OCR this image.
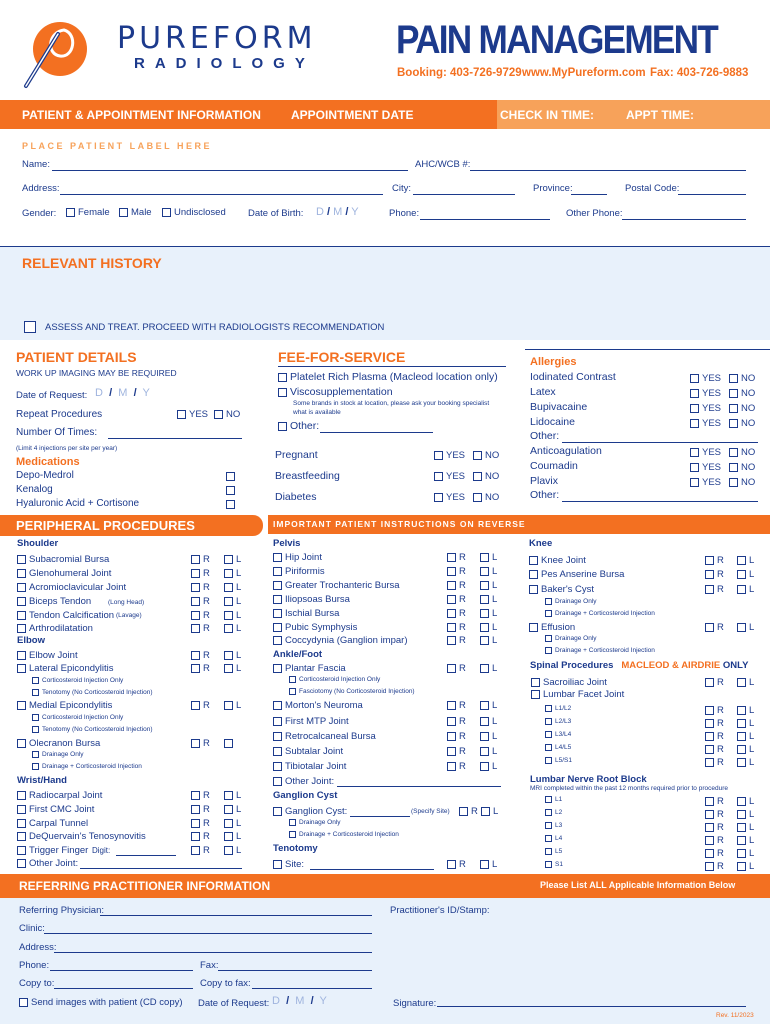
PUREFORM
RADIOLOGY
PAIN MANAGEMENT
Booking: 403-726-9729 www.MyPureform.com Fax: 403-726-9883
PATIENT & APPOINTMENT INFORMATION	APPOINTMENT DATE	CHECK IN TIME:	APPT TIME:
PLACE PATIENT LABEL HERE
Name:	AHC/WCB #:
Address:	City:	Province:	Postal Code:
Gender:	Female	Male	Undisclosed Date of Birth: D / M / Y	Phone:	Other Phone:
RELEVANT HISTORY
ASSESS AND TREAT. PROCEED WITH RADIOLOGISTS RECOMMENDATION
PATIENT DETAILS
WORK UP IMAGING MAY BE REQUIRED
Date of Request: D / M / Y
Repeat Procedures	YES	NO
Number Of Times:
(Limit 4 injections per site per year)
Medications
Depo-Medrol
Kenalog
Hyaluronic Acid + Cortisone
FEE-FOR-SERVICE
Platelet Rich Plasma (Macleod location only)
Viscosupplementation
Some brands in stock at location, please ask your booking specialist what is available
Other:
Pregnant	YES	NO
Breastfeeding	YES	NO
Diabetes	YES	NO
Allergies
Iodinated Contrast	YES	NO
Latex	YES	NO
Bupivacaine	YES	NO
Lidocaine	YES	NO
Other:
Anticoagulation	YES	NO
Coumadin	YES	NO
Plavix	YES	NO
Other:
IMPORTANT PATIENT INSTRUCTIONS ON REVERSE
PERIPHERAL PROCEDURES
Shoulder
Subacromial Bursa	R	L
Glenohumeral Joint	R	L
Acromioclavicular Joint	R	L
Biceps Tendon	R	L
Tendon Calcification	R	L
Arthrodilatation	R	L
(Long Head)
(Lavage)
Elbow
Elbow Joint	R	L
Lateral Epicondylitis	R	L
Corticosteroid Injection Only
Tenotomy (No Corticosteroid Injection)
Medial Epicondylitis	R	L
Corticosteroid Injection Only
Tenotomy (No Corticosteroid Injection)
Olecranon Bursa	R
Drainage Only
Drainage + Corticosteroid Injection
Wrist/Hand
Radiocarpal Joint	R	L
First CMC Joint	R	L
Carpal Tunnel	R	L
DeQuervain's Tenosynovitis	R	L
Trigger Finger	R	L
Other Joint:
Digit:
Pelvis
Hip Joint	R	L
Piriformis	R	L
Greater Trochanteric Bursa	R	L
Iliopsoas Bursa	R	L
Ischial Bursa	R	L
Pubic Symphysis	R	L
Coccydynia (Ganglion impar)	R	L
Ankle/Foot
Plantar Fascia	R	L
Corticosteroid Injection Only
Fasciotomy (No Corticosteroid Injection)
Morton's Neuroma	R	L
First MTP Joint	R	L
Retrocalcaneal Bursa	R	L
Subtalar Joint	R	L
Tibiotalar Joint	R	L
Other Joint:
Ganglion Cyst
Ganglion Cyst:	(Specify Site)	R	L
Drainage Only
Drainage + Corticosteroid Injection
Tenotomy
Site:	R	L
Knee
Knee Joint	R	L
Pes Anserine Bursa	R	L
Baker's Cyst	R	L
Drainage Only
Drainage + Corticosteroid Injection
Effusion	R	L
Drainage Only
Drainage + Corticosteroid Injection
Spinal Procedures MACLEOD & AIRDRIE ONLY
Sacroiliac Joint	R	L
Lumbar Facet Joint
L1/L2	R	L
L2/L3	R	L
L3/L4	R	L
L4/L5	R	L
L5/S1	R	L
Lumbar Nerve Root Block
MRI completed within the past 12 months required prior to procedure
L1	R	L
L2	R	L
L3	R	L
L4	R	L
L5	R	L
S1	R	L
REFERRING PRACTITIONER INFORMATION	Please List ALL Applicable Information Below
Referring Physician:
Clinic:
Address:
Phone:	Fax:
Copy to:	Copy to fax:
Send images with patient (CD copy) Date of Request: D / M / Y
Practitioner's ID/Stamp:
Signature:
Rev. 11/2023
